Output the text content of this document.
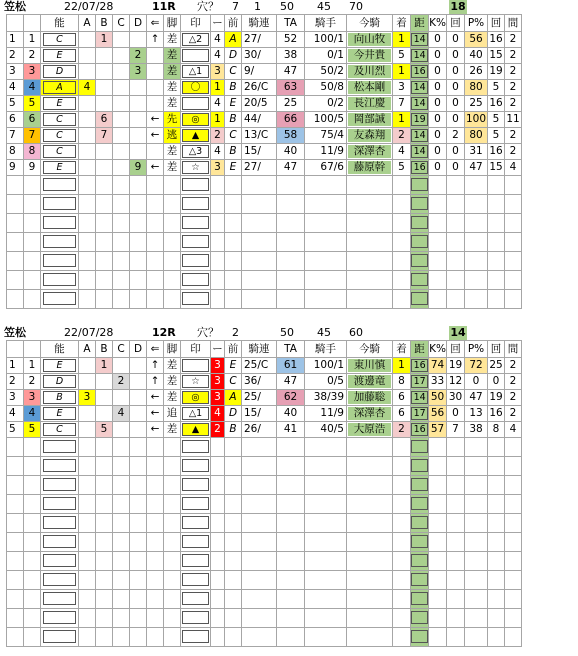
笠松	22/07/28	11R 穴？ 7 1 50 45 70	18
		能	A	B	C	D	⇐	脚	印	ー	前	騎連	TA	騎手	今騎	着	距	K%	回	P%	回	間
1	1	C		1			↑	差	△2	4	A	27/	52	100/1	向山牧	1	14	0	0	56	16	2
2	2	E				2		差		4	D	30/	38	0/1	今井貴	5	14	0	0	40	15	2
3	3	D				3		差	△1	3	C	9/	47	50/2	及川烈	1	16	0	0	26	19	2
4	4	A	4					差	〇	1	B	26/C	63	50/8	松本剛	3	14	0	0	80	5	2
5	5	E						差		4	E	20/5	25	0/2	長江慶	7	14	0	0	25	16	2
6	6	C		6			←	先	◎	1	B	44/	66	100/5	岡部誠	1	19	0	0	100	5	11
7	7	C		7			←	逃	▲	2	C	13/C	58	75/4	友森翔	2	14	0	2	80	5	2
8	8	C						差	△3	4	B	15/	40	11/9	深澤杏	4	14	0	0	31	16	2
9	9	E				9	←	差	☆	3	E	27/	47	67/6	藤原幹	5	16	0	0	47	15	4

笠松	22/07/28	12R 穴？ 2	50 45 60	14
		能	A	B	C	D	⇐	脚	印	ー	前	騎連	TA	騎手	今騎	着	距	K%	回	P%	回	間
1	1	E		1			↑	差		3	E	25/C	61	100/1	東川慎	1	16	74	19	72	25	2
2	2	D			2		↑	差	☆	3	C	36/	47	0/5	渡邊竜	8	17	33	12	0	0	2
3	3	B	3				←	差	◎	3	A	25/	62	38/39	加藤聡	6	14	50	30	47	19	2
4	4	E			4		←	追	△1	4	D	15/	40	11/9	深澤杏	6	17	56	0	13	16	2
5	5	C		5			←	差	▲	2	B	26/	41	40/5	大原浩	2	16	57	7	38	8	4
